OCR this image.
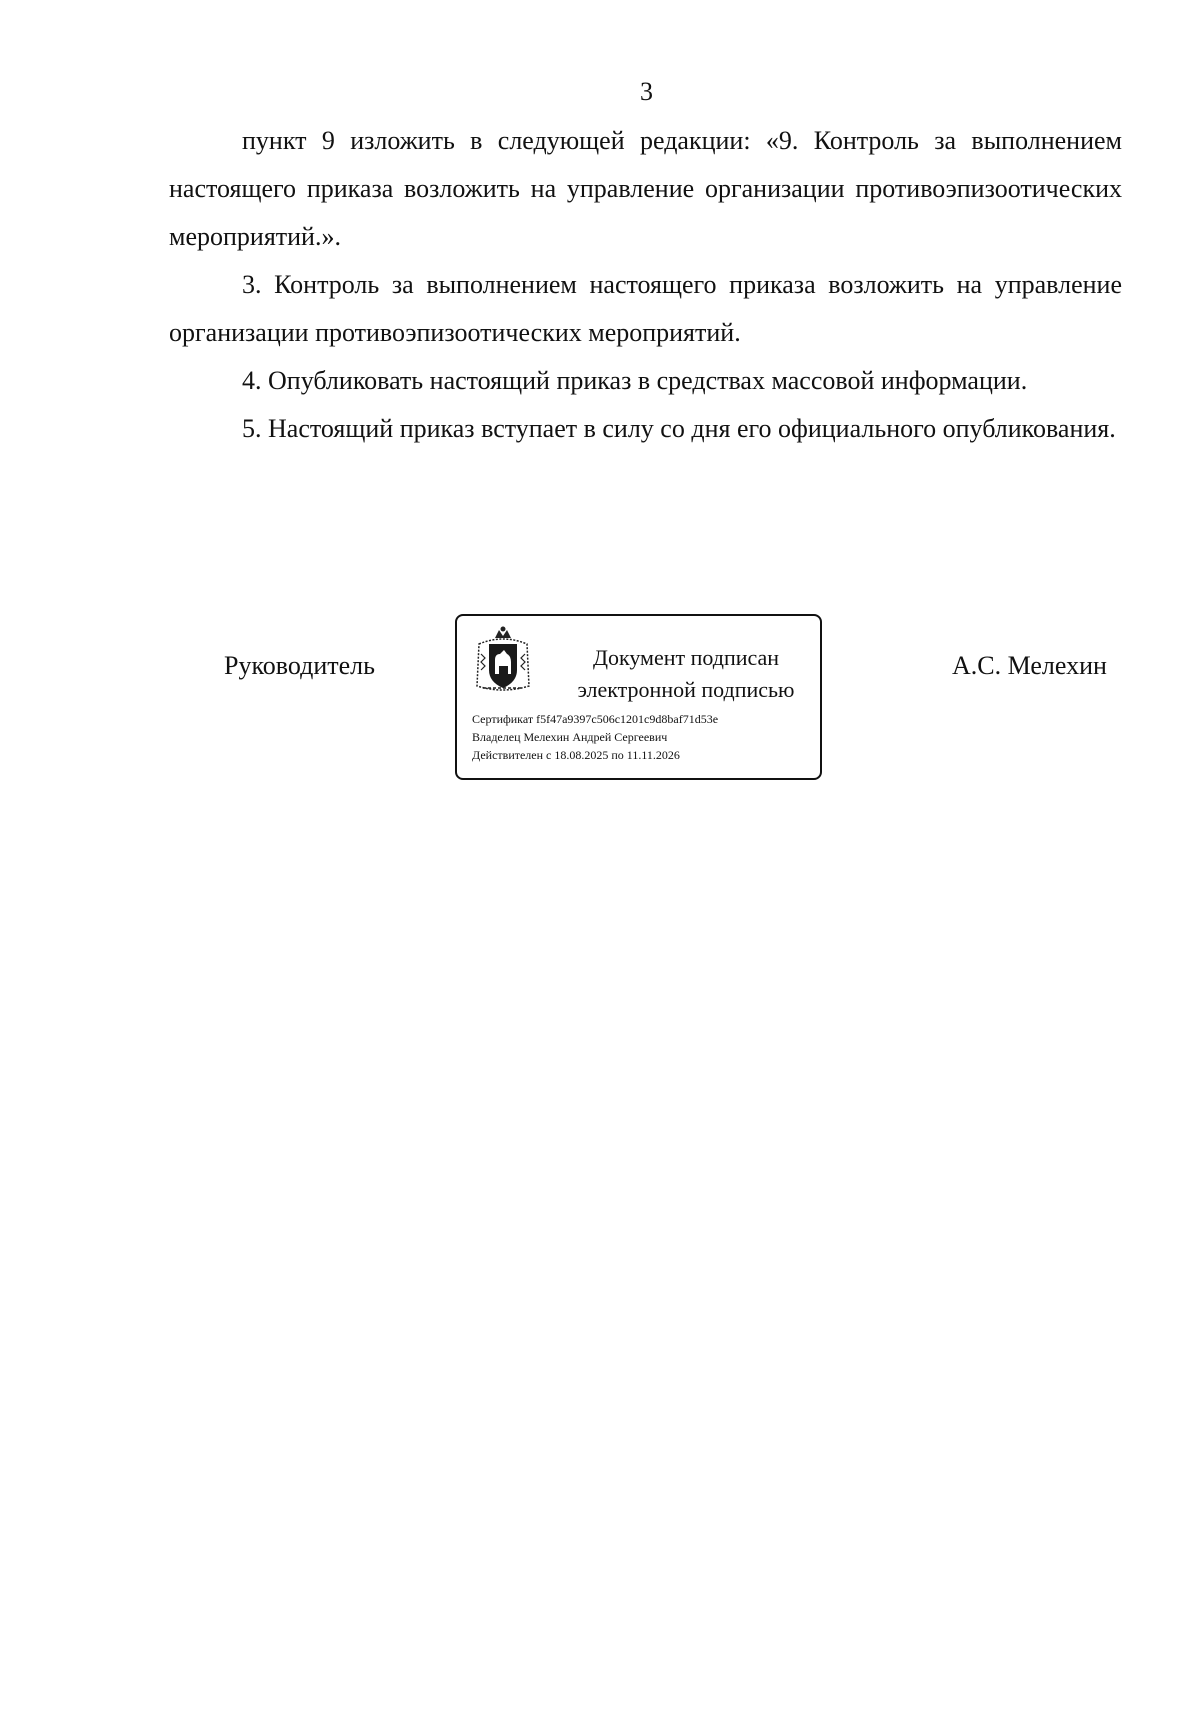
3

пункт 9 изложить в следующей редакции: «9. Контроль за выполнением настоящего приказа возложить на управление организации противоэпизоотических мероприятий.».

3. Контроль за выполнением настоящего приказа возложить на управление организации противоэпизоотических мероприятий.

4. Опубликовать настоящий приказ в средствах массовой информации.

5. Настоящий приказ вступает в силу со дня его официального опубликования.

Руководитель	Документ подписан
электронной подписью
Сертификат f5f47a9397c506c1201c9d8baf71d53e
Владелец Мелехин Андрей Сергеевич
Действителен с 18.08.2025 по 11.11.2026
А.С. Мелехин
